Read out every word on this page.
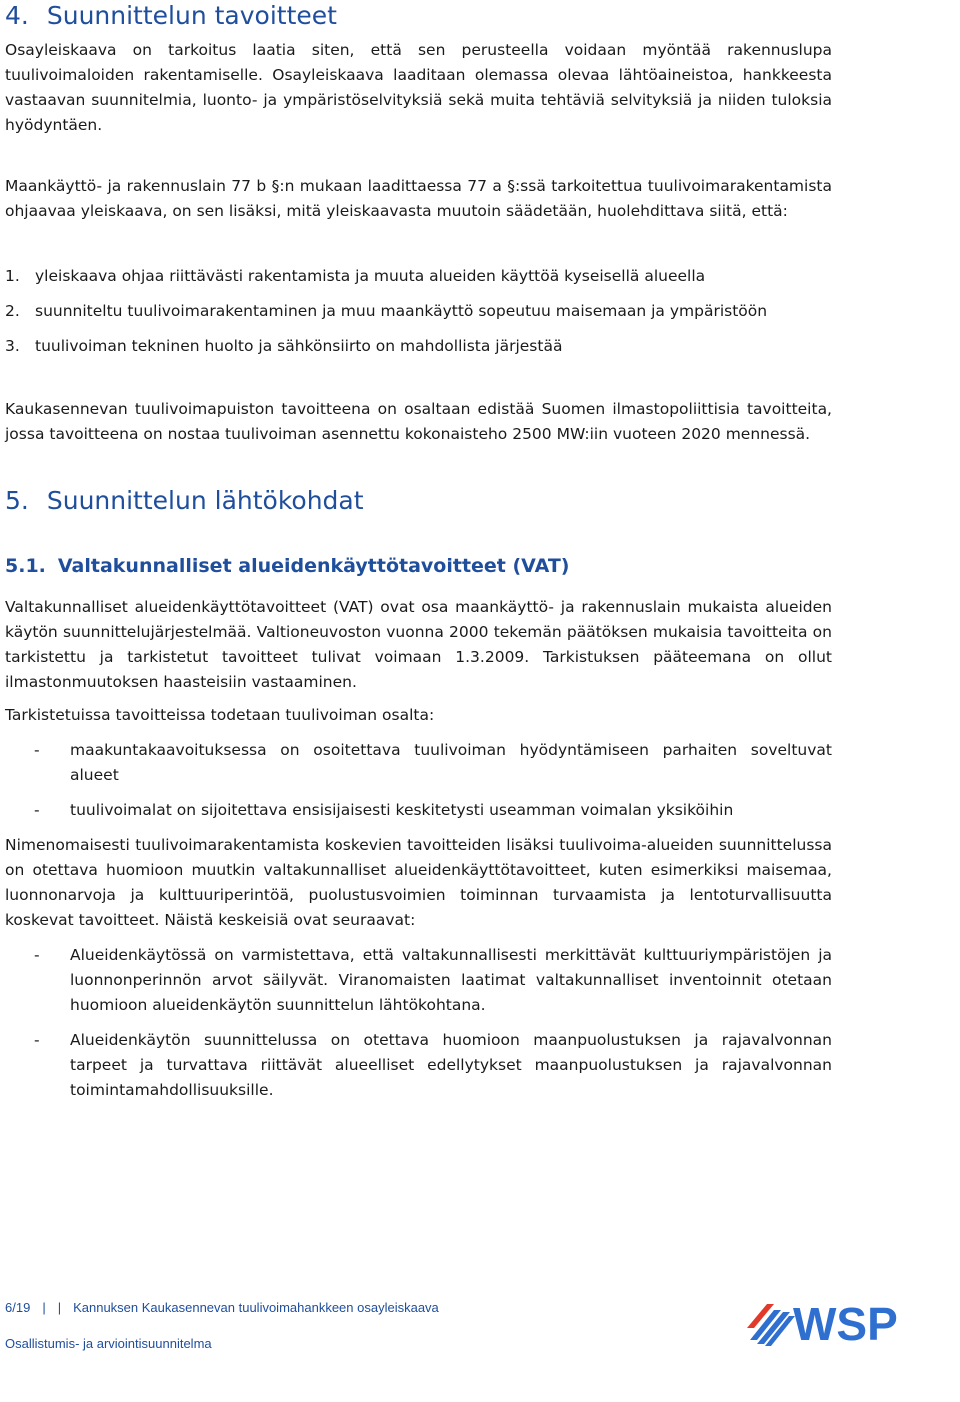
4. Suunnittelun tavoitteet

Osayleiskaava on tarkoitus laatia siten, että sen perusteella voidaan myöntää rakennuslupa tuulivoimaloiden rakentamiselle. Osayleiskaava laaditaan olemassa olevaa lähtöaineistoa, hankkeesta vastaavan suunnitelmia, luonto- ja ympäristöselvityksiä sekä muita tehtäviä selvityksiä ja niiden tuloksia hyödyntäen.

Maankäyttö- ja rakennuslain 77 b §:n mukaan laadittaessa 77 a §:ssä tarkoitettua tuulivoimarakentamista ohjaavaa yleiskaava, on sen lisäksi, mitä yleiskaavasta muutoin säädetään, huolehdittava siitä, että:

1. yleiskaava ohjaa riittävästi rakentamista ja muuta alueiden käyttöä kyseisellä alueella
2. suunniteltu tuulivoimarakentaminen ja muu maankäyttö sopeutuu maisemaan ja ympäristöön
3. tuulivoiman tekninen huolto ja sähkönsiirto on mahdollista järjestää

Kaukasennevan tuulivoimapuiston tavoitteena on osaltaan edistää Suomen ilmastopoliittisia tavoitteita, jossa tavoitteena on nostaa tuulivoiman asennettu kokonaisteho 2500 MW:iin vuoteen 2020 mennessä.

5. Suunnittelun lähtökohdat
5.1. Valtakunnalliset alueidenkäyttötavoitteet (VAT)

Valtakunnalliset alueidenkäyttötavoitteet (VAT) ovat osa maankäyttö- ja rakennuslain mukaista alueiden käytön suunnittelujärjestelmää. Valtioneuvoston vuonna 2000 tekemän päätöksen mukaisia tavoitteita on tarkistettu ja tarkistetut tavoitteet tulivat voimaan 1.3.2009. Tarkistuksen pääteemana on ollut ilmastonmuutoksen haasteisiin vastaaminen.

Tarkistetuissa tavoitteissa todetaan tuulivoiman osalta:

-	maakuntakaavoituksessa on osoitettava tuulivoiman hyödyntämiseen parhaiten soveltuvat alueet
-	tuulivoimalat on sijoitettava ensisijaisesti keskitetysti useamman voimalan yksiköihin

Nimenomaisesti tuulivoimarakentamista koskevien tavoitteiden lisäksi tuulivoima-alueiden suunnittelussa on otettava huomioon muutkin valtakunnalliset alueidenkäyttötavoitteet, kuten esimerkiksi maisemaa, luonnonarvoja ja kulttuuriperintöä, puolustusvoimien toiminnan turvaamista ja lentoturvallisuutta koskevat tavoitteet. Näistä keskeisiä ovat seuraavat:

-	Alueidenkäytössä on varmistettava, että valtakunnallisesti merkittävät kulttuuriympäristöjen ja luonnonperinnön arvot säilyvät. Viranomaisten laatimat valtakunnalliset inventoinnit otetaan huomioon alueidenkäytön suunnittelun lähtökohtana.
-	Alueidenkäytön suunnittelussa on otettava huomioon maanpuolustuksen ja rajavalvonnan tarpeet ja turvattava riittävät alueelliset edellytykset maanpuolustuksen ja rajavalvonnan toimintamahdollisuuksille.
6/19 | | Kannuksen Kaukasennevan tuulivoimahankkeen osayleiskaava
Osallistumis- ja arviointisuunnitelma	WSP
